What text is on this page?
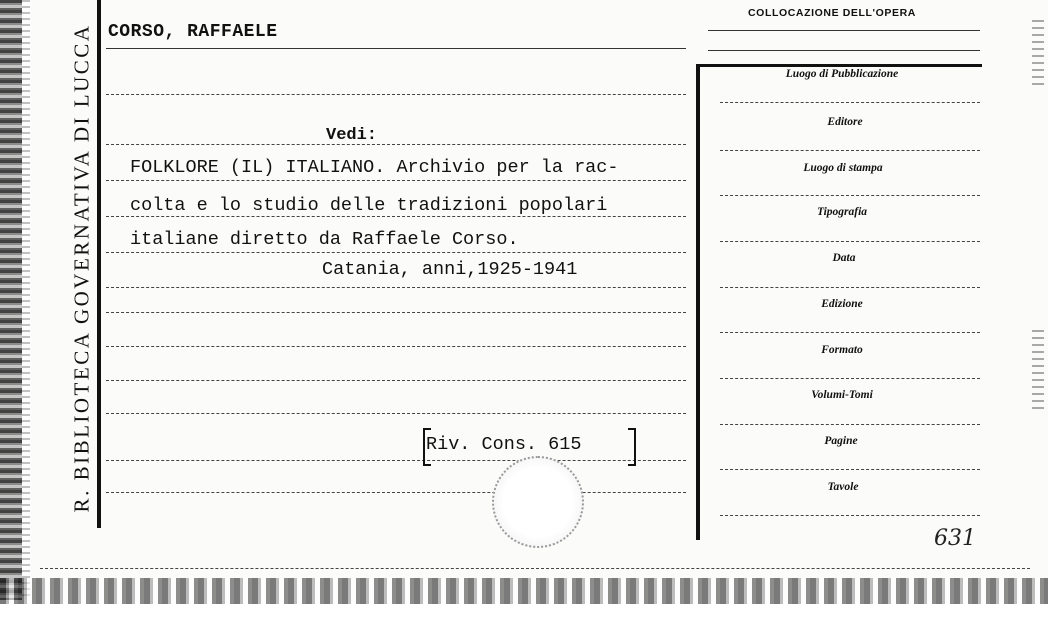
R. BIBLIOTECA GOVERNATIVA DI LUCCA CORSO, RAFFAELE
Vedi:
FOLKLORE (IL) ITALIANO. Archivio per la rac-
colta e lo studio delle tradizioni popolari
italiane diretto da Raffaele Corso.
Catania, anni,1925-1941
Riv. Cons. 615
COLLOCAZIONE DELL'OPERA
Luogo di Pubblicazione
Editore
Luogo di stampa
Tipografia
Data
Edizione
Formato
Volumi-Tomi
Pagine
Tavole
631
